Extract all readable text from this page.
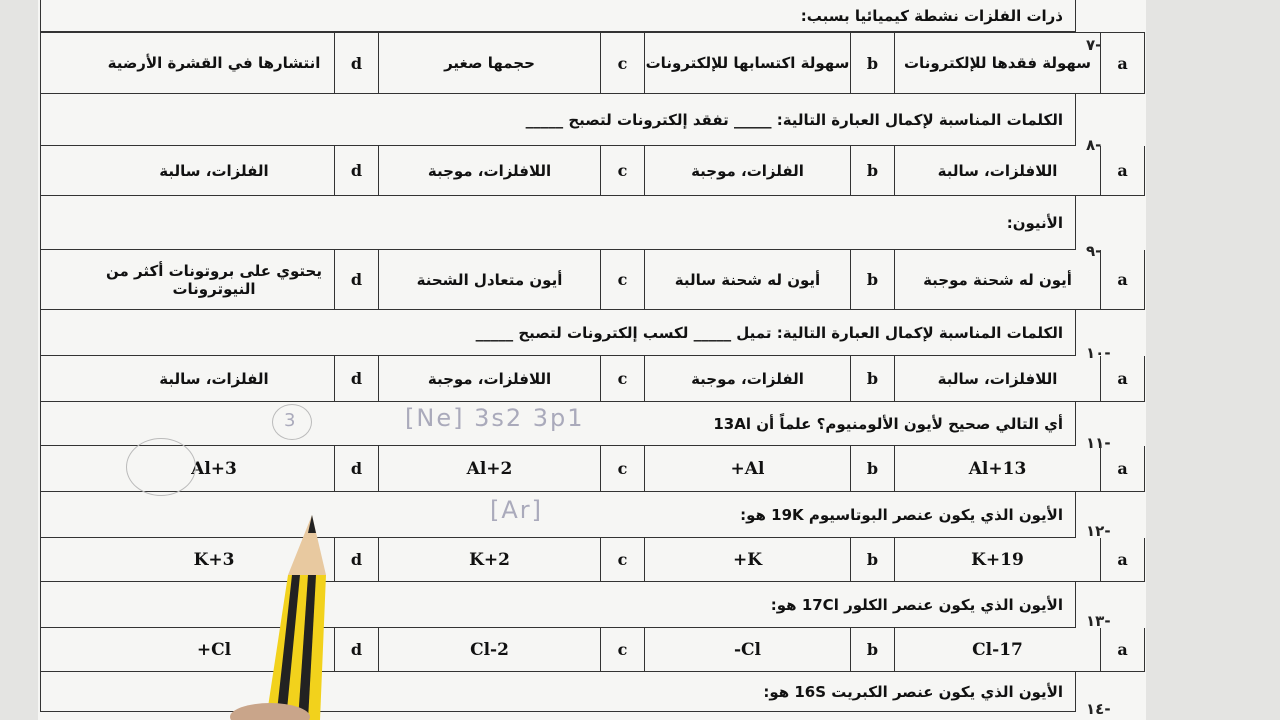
ذرات الفلزات نشطة كيميائيا بسبب:
-٧
a
سهولة فقدها للإلكترونات
b
سهولة اكتسابها للإلكترونات
c
حجمها صغير
d
انتشارها في القشرة الأرضية
الكلمات المناسبة لإكمال العبارة التالية: _____ تفقد إلكترونات لتصبح _____
-٨
a
اللافلزات، سالبة
b
الفلزات، موجبة
c
اللافلزات، موجبة
d
الفلزات، سالبة
الأنيون:
-٩
a
أيون له شحنة موجبة
b
أيون له شحنة سالبة
c
أيون متعادل الشحنة
d
يحتوي على بروتونات أكثر من النيوترونات
الكلمات المناسبة لإكمال العبارة التالية: تميل _____ لكسب إلكترونات لتصبح _____
-١٠
a
اللافلزات، سالبة
b
الفلزات، موجبة
c
اللافلزات، موجبة
d
الفلزات، سالبة
أي التالي صحيح لأيون الألومنيوم؟ علماً أن 13Al
-١١
a
Al+13
b
Al+
c
Al+2
d
Al+3
الأيون الذي يكون عنصر البوتاسيوم 19K هو:
-١٢
a
K+19
b
K+
c
K+2
d
K+3
الأيون الذي يكون عنصر الكلور 17Cl هو:
-١٣
a
Cl-17
b
Cl-
c
Cl-2
d
Cl+
الأيون الذي يكون عنصر الكبريت 16S هو:
-١٤
[Ne] 3s2 3p1
[Ar]
3
